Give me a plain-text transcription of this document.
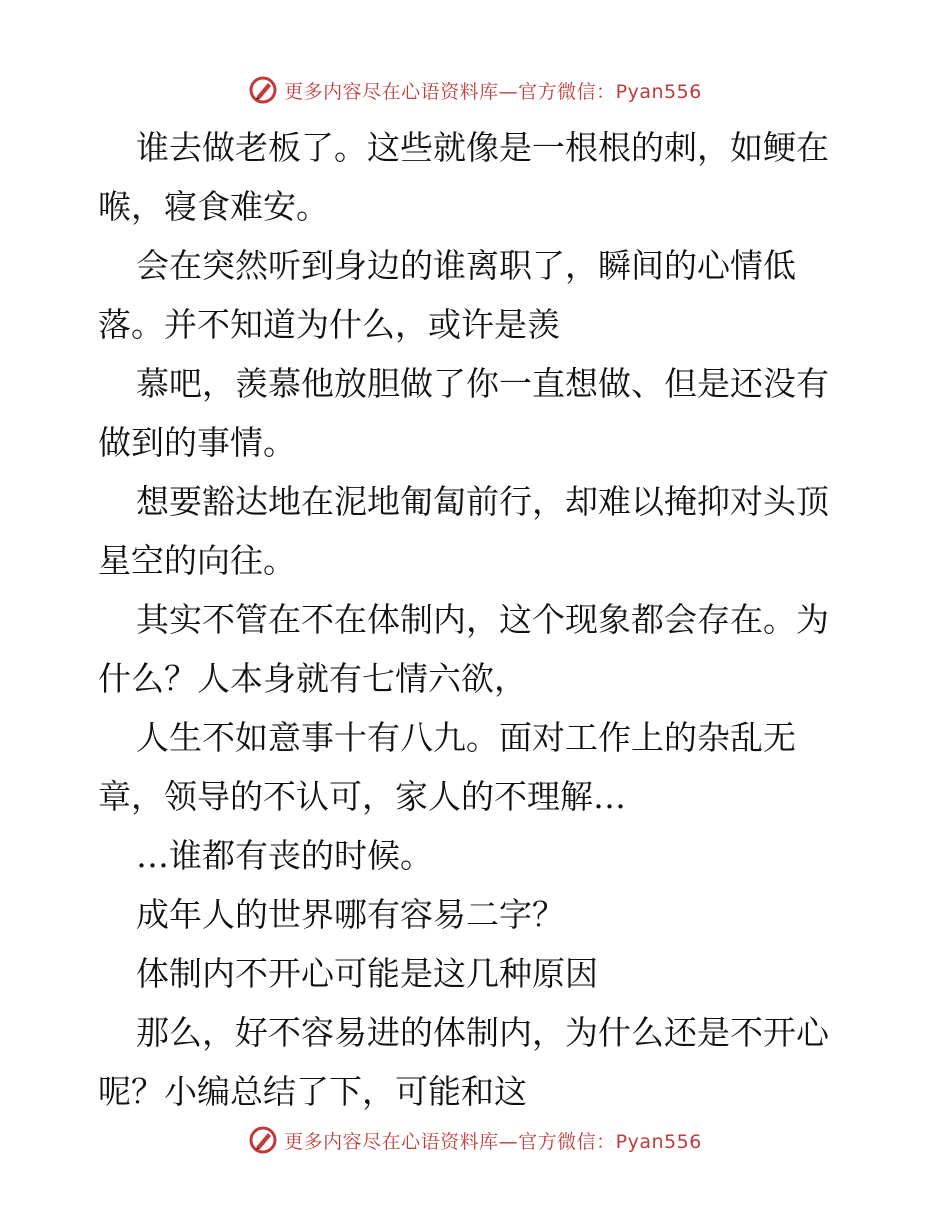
更多内容尽在心语资料库—官方微信：Pyan556

谁去做老板了。这些就像是一根根的刺，如鲠在喉，寝食难安。

会在突然听到身边的谁离职了，瞬间的心情低落。并不知道为什么，或许是羡

慕吧，羡慕他放胆做了你一直想做、但是还没有做到的事情。

想要豁达地在泥地匍匐前行，却难以掩抑对头顶星空的向往。

其实不管在不在体制内，这个现象都会存在。为什么？人本身就有七情六欲，

人生不如意事十有八九。面对工作上的杂乱无章，领导的不认可，家人的不理解…

…谁都有丧的时候。

成年人的世界哪有容易二字？

体制内不开心可能是这几种原因

那么，好不容易进的体制内，为什么还是不开心呢？小编总结了下，可能和这

更多内容尽在心语资料库—官方微信：Pyan556
